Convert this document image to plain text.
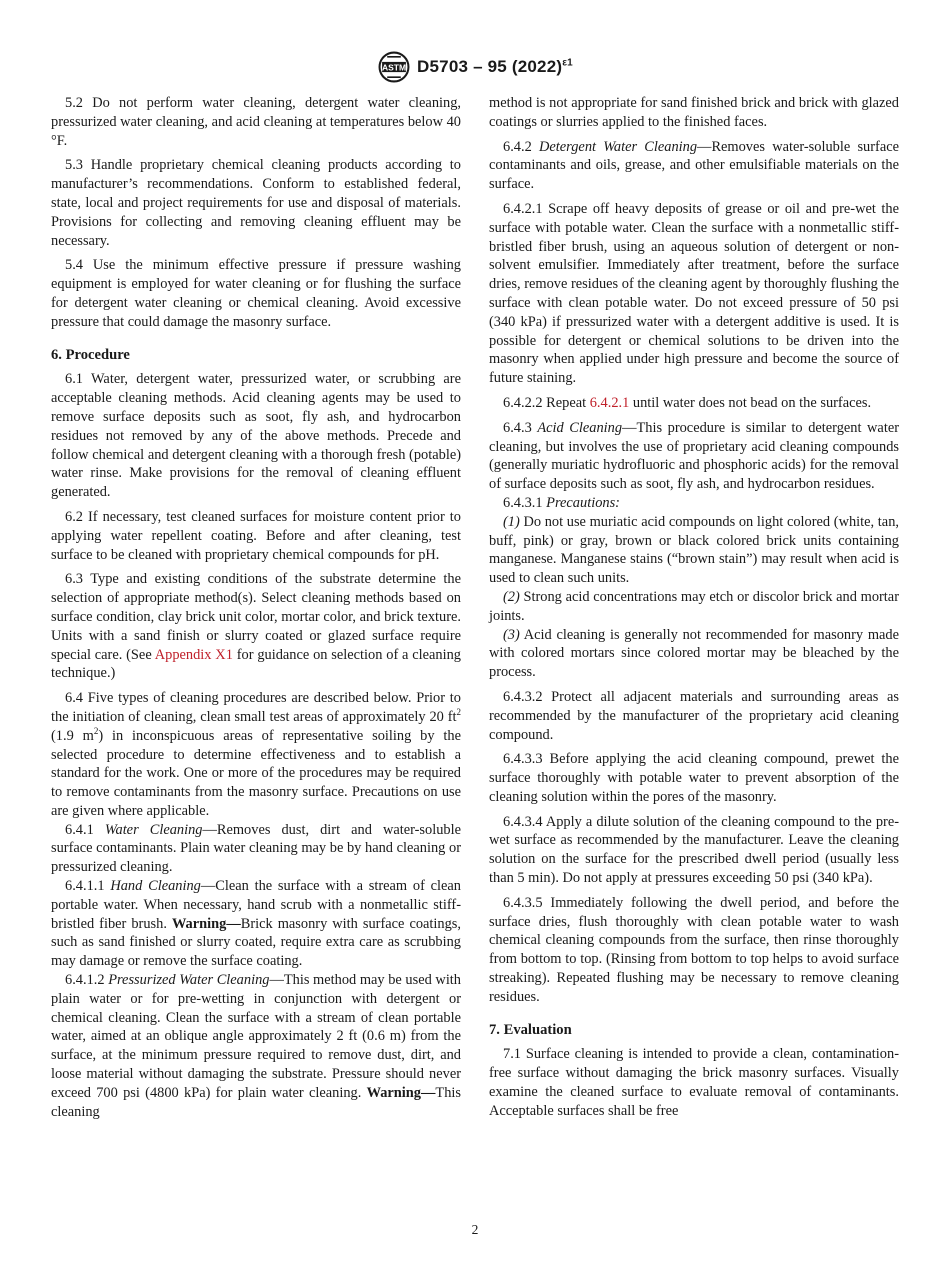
ASTM D5703 – 95 $(2022)^{\varepsilon 1}$

5.2 Do not perform water cleaning, detergent water cleaning, pressurized water cleaning, and acid cleaning at temperatures below 40 °F.

5.3 Handle proprietary chemical cleaning products according to manufacturer’s recommendations. Conform to established federal, state, local and project requirements for use and disposal of materials. Provisions for collecting and removing cleaning effluent may be necessary.

5.4 Use the minimum effective pressure if pressure washing equipment is employed for water cleaning or for flushing the surface for detergent water cleaning or chemical cleaning. Avoid excessive pressure that could damage the masonry surface.

6. Procedure

6.1 Water, detergent water, pressurized water, or scrubbing are acceptable cleaning methods. Acid cleaning agents may be used to remove surface deposits such as soot, fly ash, and hydrocarbon residues not removed by any of the above methods. Precede and follow chemical and detergent cleaning with a thorough fresh (potable) water rinse. Make provisions for the removal of cleaning effluent generated.

6.2 If necessary, test cleaned surfaces for moisture content prior to applying water repellent coating. Before and after cleaning, test surface to be cleaned with proprietary chemical compounds for pH.

6.3 Type and existing conditions of the substrate determine the selection of appropriate method(s). Select cleaning methods based on surface condition, clay brick unit color, mortar color, and brick texture. Units with a sand finish or slurry coated or glazed surface require special care. (See Appendix X1 for guidance on selection of a cleaning technique.)

6.4 Five types of cleaning procedures are described below. Prior to the initiation of cleaning, clean small test areas of approximately 20 $ft^2$ (1.9 $m^2$) in inconspicuous areas of representative soiling by the selected procedure to determine effectiveness and to establish a standard for the work. One or more of the procedures may be required to remove contaminants from the masonry surface. Precautions on use are given where applicable.

6.4.1 Water Cleaning—Removes dust, dirt and water-soluble surface contaminants. Plain water cleaning may be by hand cleaning or pressurized cleaning.

6.4.1.1 Hand Cleaning—Clean the surface with a stream of clean portable water. When necessary, hand scrub with a nonmetallic stiff-bristled fiber brush. Warning—Brick masonry with surface coatings, such as sand finished or slurry coated, require extra care as scrubbing may damage or remove the surface coating.

6.4.1.2 Pressurized Water Cleaning—This method may be used with plain water or for pre-wetting in conjunction with detergent or chemical cleaning. Clean the surface with a stream of clean portable water, aimed at an oblique angle approximately 2 ft (0.6 m) from the surface, at the minimum pressure required to remove dust, dirt, and loose material without damaging the substrate. Pressure should never exceed 700 psi (4800 kPa) for plain water cleaning. Warning—This cleaning

method is not appropriate for sand finished brick and brick with glazed coatings or slurries applied to the finished faces.

6.4.2 Detergent Water Cleaning—Removes water-soluble surface contaminants and oils, grease, and other emulsifiable materials on the surface.

6.4.2.1 Scrape off heavy deposits of grease or oil and pre-wet the surface with potable water. Clean the surface with a nonmetallic stiff-bristled fiber brush, using an aqueous solution of detergent or non-solvent emulsifier. Immediately after treatment, before the surface dries, remove residues of the cleaning agent by thoroughly flushing the surface with clean potable water. Do not exceed pressure of 50 psi (340 kPa) if pressurized water with a detergent additive is used. It is possible for detergent or chemical solutions to be driven into the masonry when applied under high pressure and become the source of future staining.

6.4.2.2 Repeat 6.4.2.1 until water does not bead on the surfaces.

6.4.3 Acid Cleaning—This procedure is similar to detergent water cleaning, but involves the use of proprietary acid cleaning compounds (generally muriatic hydrofluoric and phosphoric acids) for the removal of surface deposits such as soot, fly ash, and hydrocarbon residues.

6.4.3.1 Precautions:

(1) Do not use muriatic acid compounds on light colored (white, tan, buff, pink) or gray, brown or black colored brick units containing manganese. Manganese stains (“brown stain”) may result when acid is used to clean such units.

(2) Strong acid concentrations may etch or discolor brick and mortar joints.

(3) Acid cleaning is generally not recommended for masonry made with colored mortars since colored mortar may be bleached by the process.

6.4.3.2 Protect all adjacent materials and surrounding areas as recommended by the manufacturer of the proprietary acid cleaning compound.

6.4.3.3 Before applying the acid cleaning compound, prewet the surface thoroughly with potable water to prevent absorption of the cleaning solution within the pores of the masonry.

6.4.3.4 Apply a dilute solution of the cleaning compound to the pre-wet surface as recommended by the manufacturer. Leave the cleaning solution on the surface for the prescribed dwell period (usually less than 5 min). Do not apply at pressures exceeding 50 psi (340 kPa).

6.4.3.5 Immediately following the dwell period, and before the surface dries, flush thoroughly with clean potable water to wash chemical cleaning compounds from the surface, then rinse thoroughly from bottom to top. (Rinsing from bottom to top helps to avoid surface streaking). Repeated flushing may be necessary to remove cleaning residues.

7. Evaluation

7.1 Surface cleaning is intended to provide a clean, contamination-free surface without damaging the brick masonry surfaces. Visually examine the cleaned surface to evaluate removal of contaminants. Acceptable surfaces shall be free

2
